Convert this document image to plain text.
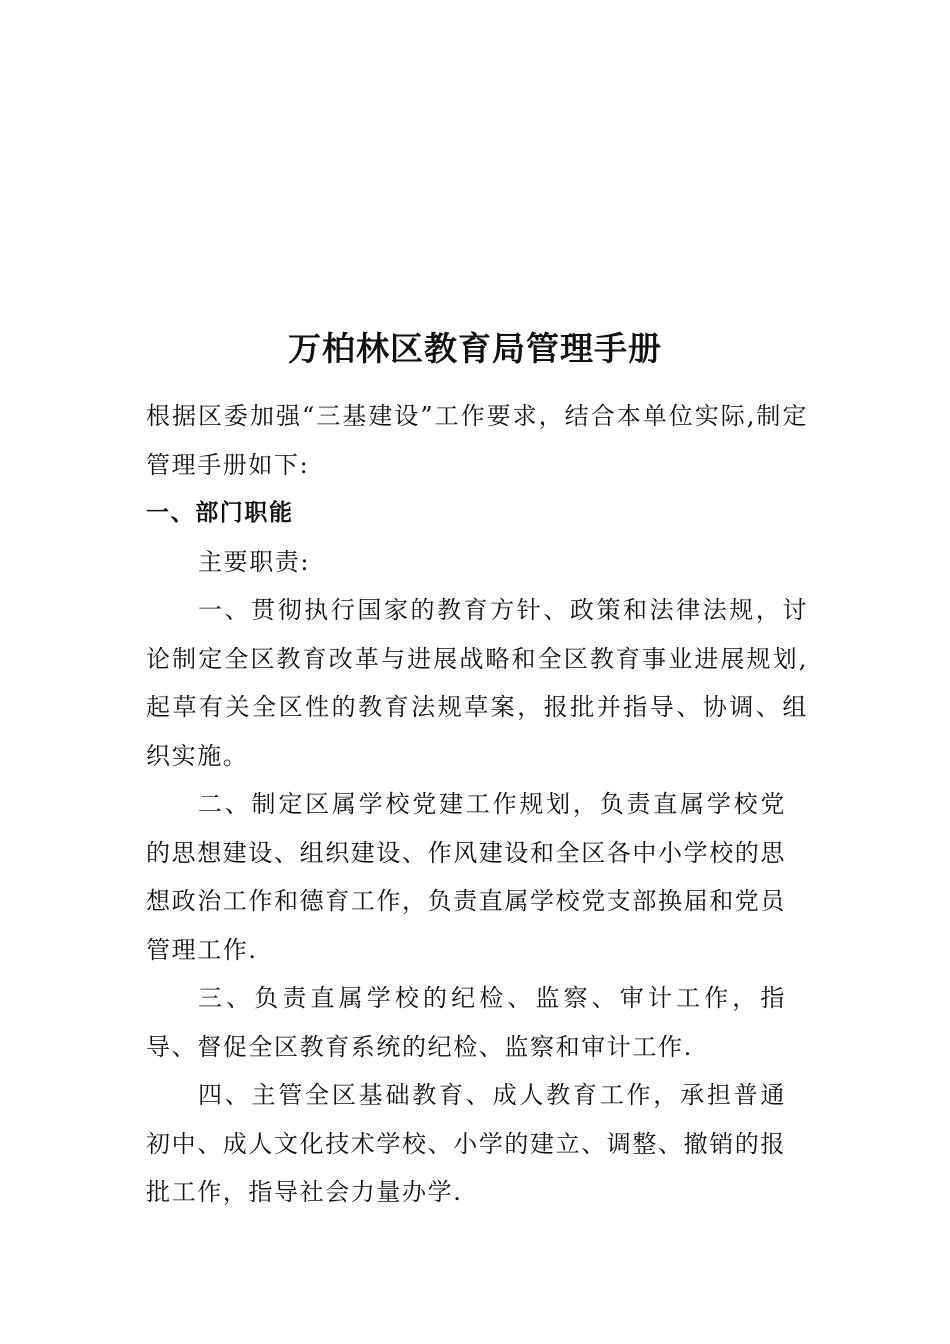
万柏林区教育局管理手册

根据区委加强“三基建设”工作要求，结合本单位实际,制定管理手册如下:

一、部门职能

主要职责:

一、贯彻执行国家的教育方针、政策和法律法规，讨论制定全区教育改革与进展战略和全区教育事业进展规划,起草有关全区性的教育法规草案，报批并指导、协调、组织实施。

二、制定区属学校党建工作规划，负责直属学校党的思想建设、组织建设、作风建设和全区各中小学校的思想政治工作和德育工作，负责直属学校党支部换届和党员管理工作.

三、负责直属学校的纪检、监察、审计工作，指导、督促全区教育系统的纪检、监察和审计工作.

四、主管全区基础教育、成人教育工作，承担普通初中、成人文化技术学校、小学的建立、调整、撤销的报批工作，指导社会力量办学.
